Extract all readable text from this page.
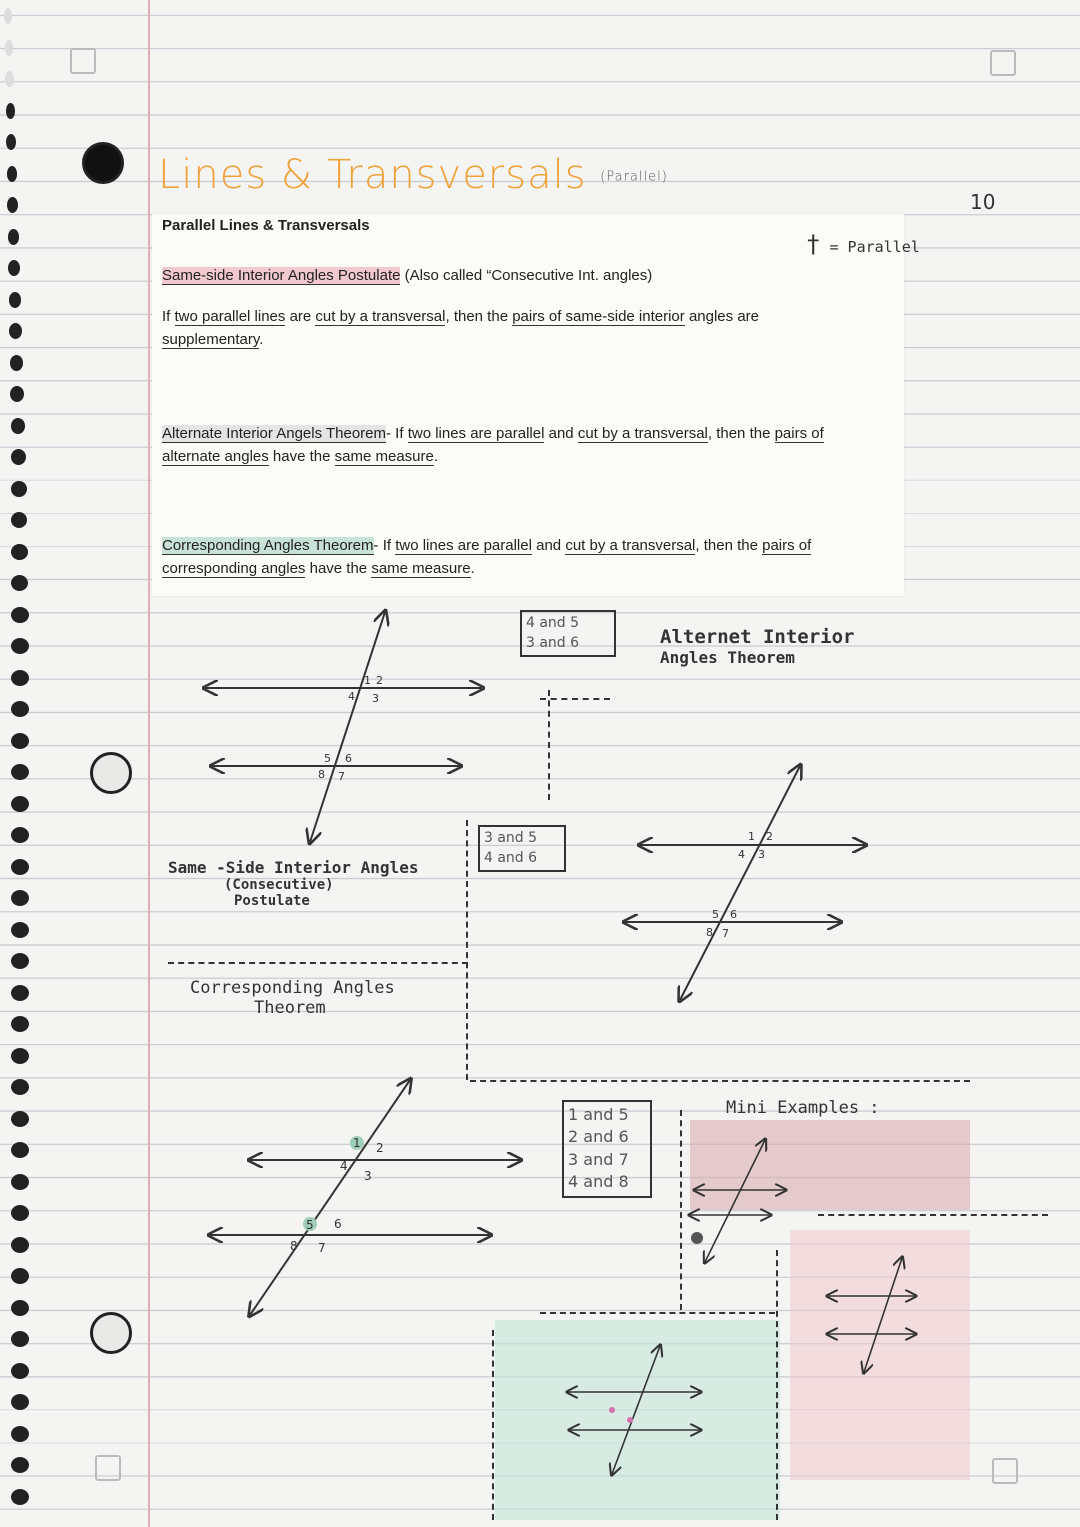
10
Lines & Transversals (Parallel)
Parallel Lines & Transversals
† = Parallel
Same-side Interior Angles Postulate (Also called “Consecutive Int. angles)
If two parallel lines are cut by a transversal, then the pairs of same-side interior angles are
supplementary.
Alternate Interior Angels Theorem- If two lines are parallel and cut by a transversal, then the pairs of
alternate angles have the same measure.
Corresponding Angles Theorem- If two lines are parallel and cut by a transversal, then the pairs of
corresponding angles have the same measure.
4 and 5
3 and 6
3 and 5
4 and 6
1 and 5
2 and 6
3 and 7
4 and 8
Alternet Interior
Angles Theorem
Same -Side Interior Angles
(Consecutive)
Postulate
Corresponding Angles
Theorem
Mini Examples :
1 2
4 3
5 6
8 7
1 2
4 3
5 6
8 7
1 2
4
3
5 6
8 7
